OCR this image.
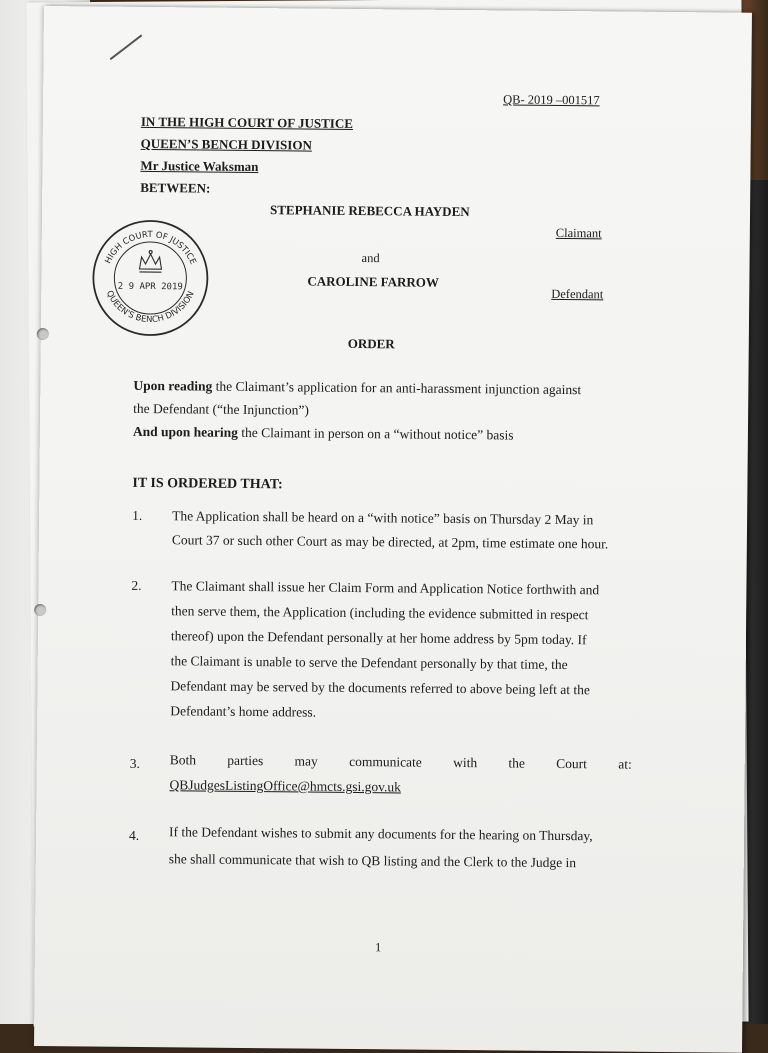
QB- 2019 –001517
IN THE HIGH COURT OF JUSTICE
QUEEN’S BENCH DIVISION
Mr Justice Waksman
BETWEEN:
HIGH COURT OF JUSTICE
QUEEN'S BENCH DIVISION
2 9 APR 2019
STEPHANIE REBECCA HAYDEN
Claimant
and
CAROLINE FARROW
Defendant
ORDER
Upon reading the Claimant’s application for an anti-harassment injunction against
the Defendant (“the Injunction”)
And upon hearing the Claimant in person on a “without notice” basis
IT IS ORDERED THAT:
1. The Application shall be heard on a “with notice” basis on Thursday 2 May in
Court 37 or such other Court as may be directed, at 2pm, time estimate one hour.
2. The Claimant shall issue her Claim Form and Application Notice forthwith and
then serve them, the Application (including the evidence submitted in respect
thereof) upon the Defendant personally at her home address by 5pm today. If
the Claimant is unable to serve the Defendant personally by that time, the
Defendant may be served by the documents referred to above being left at the
Defendant’s home address.
3. Both parties may communicate with the Court at:
QBJudgesListingOffice@hmcts.gsi.gov.uk
4. If the Defendant wishes to submit any documents for the hearing on Thursday,
she shall communicate that wish to QB listing and the Clerk to the Judge in
1
